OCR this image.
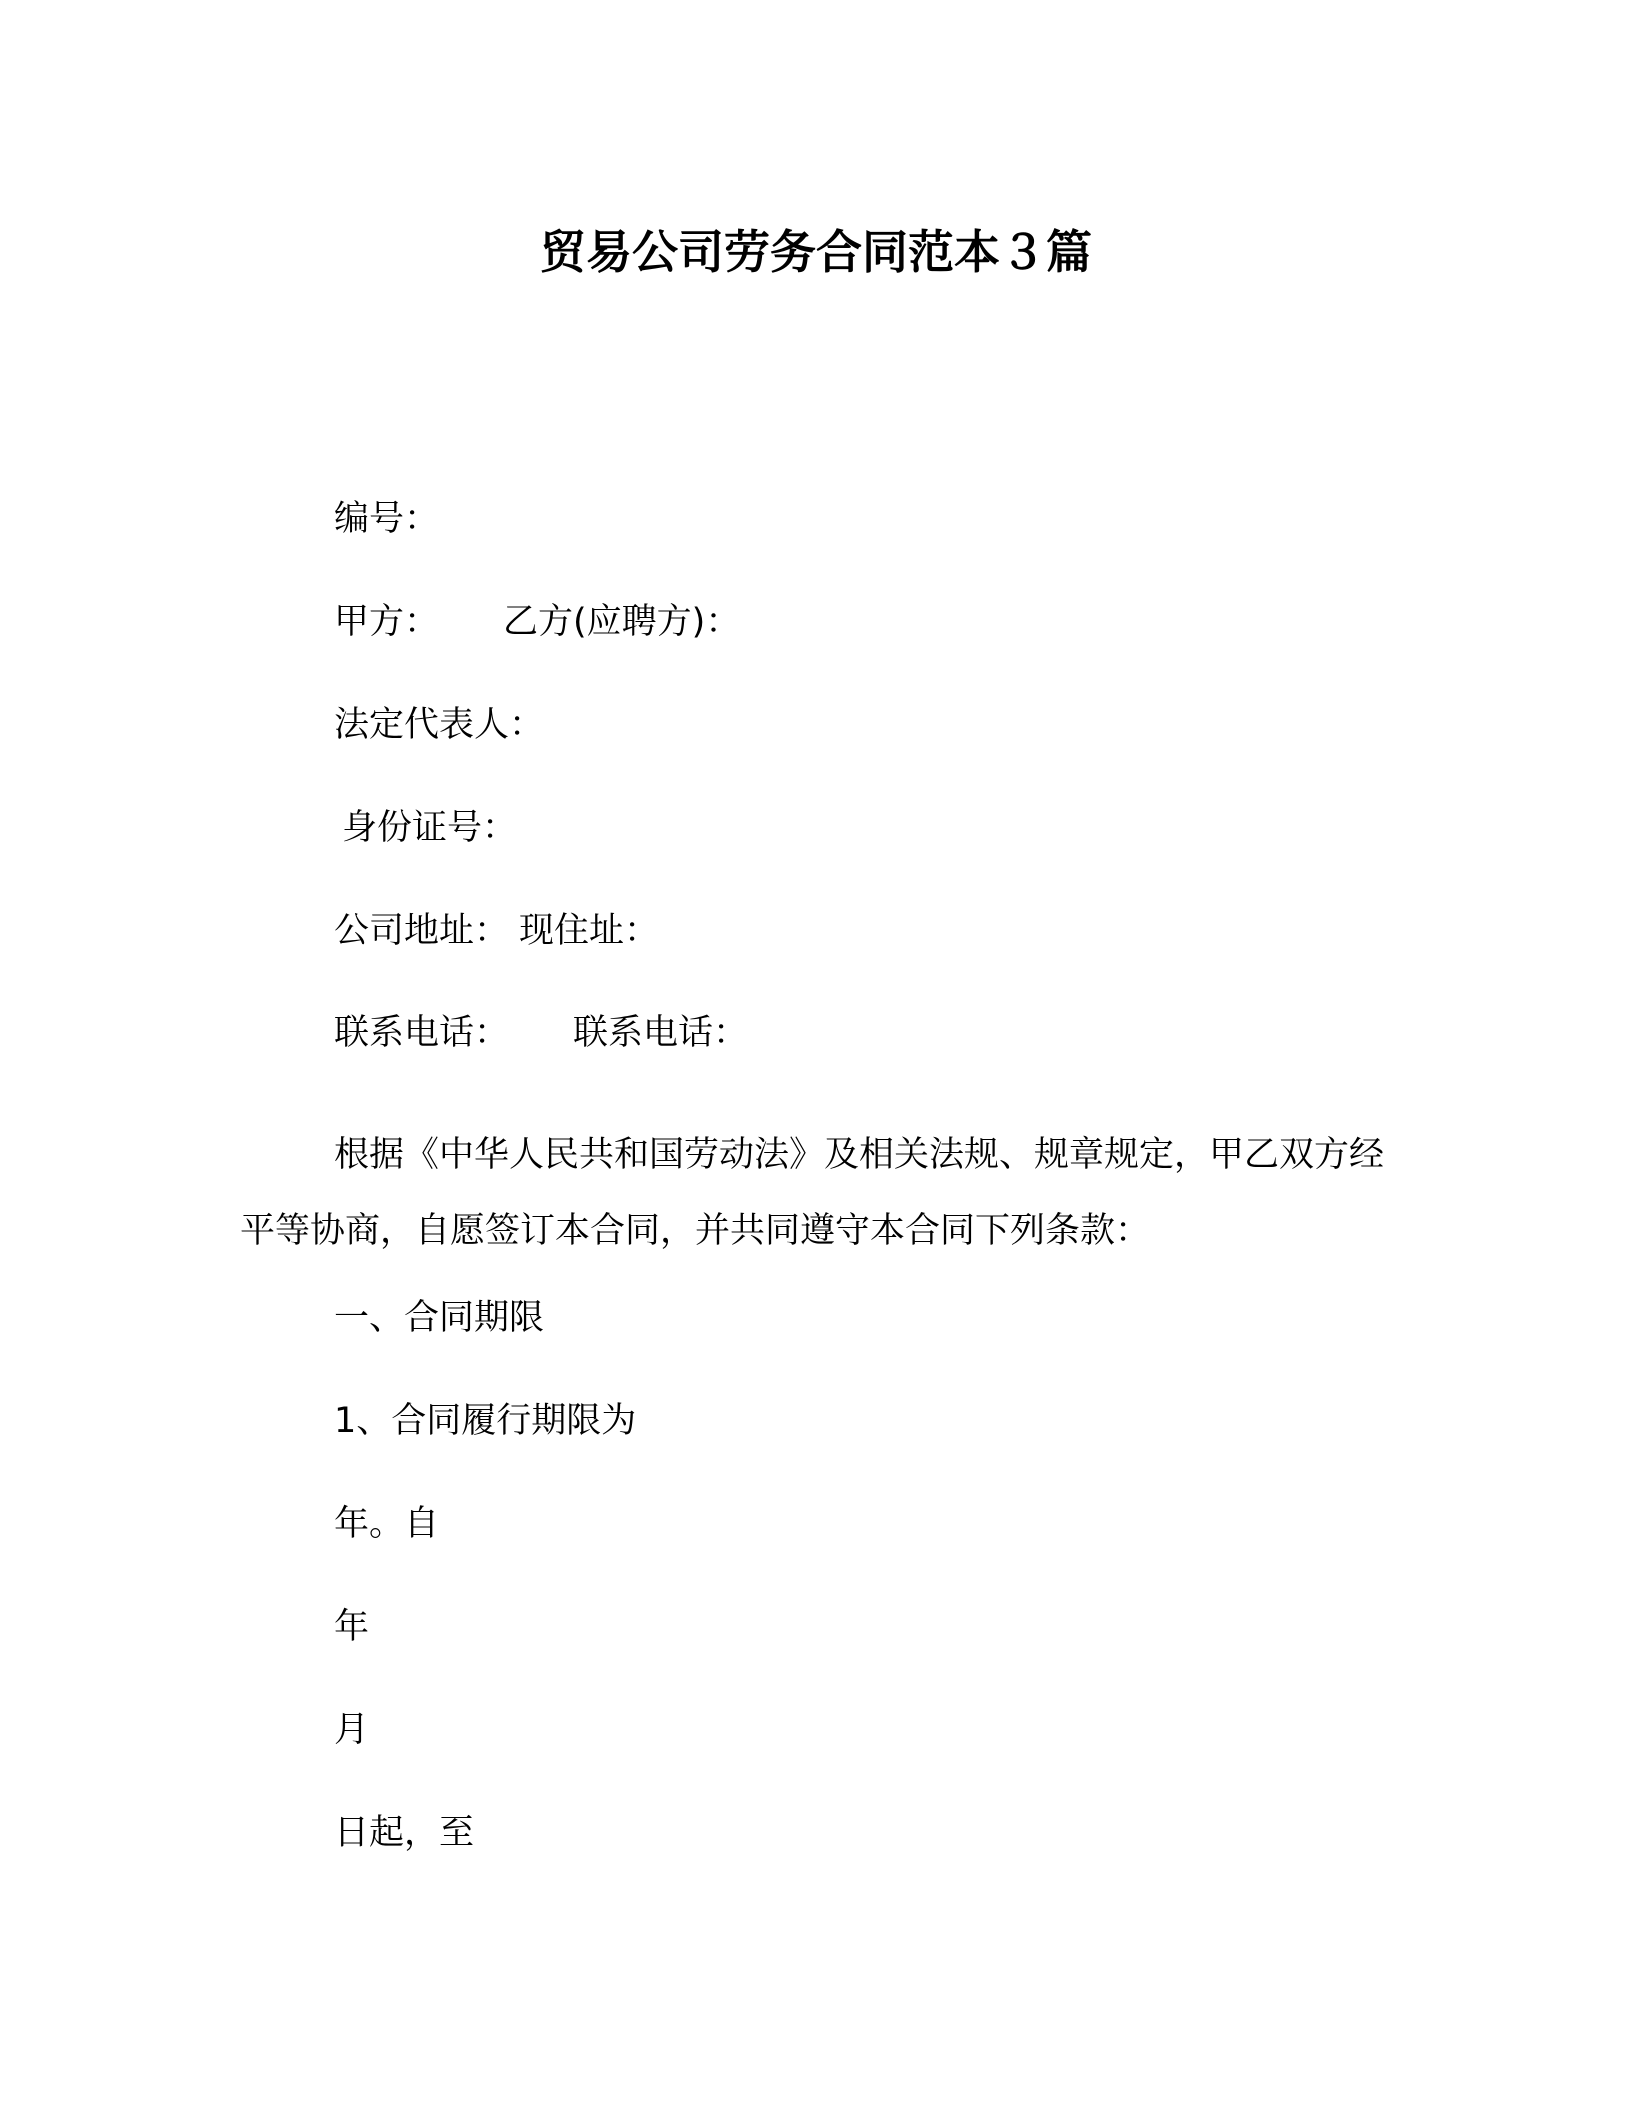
贸易公司劳务合同范本３篇
编号：
甲方： 乙方(应聘方)：
法定代表人：
身份证号：
公司地址： 现住址：
联系电话： 联系电话：
根据《中华人民共和国劳动法》及相关法规、规章规定，甲乙双方经平等协商，自愿签订本合同，并共同遵守本合同下列条款：
一、合同期限
1、合同履行期限为
年。自
年
月
日起，至
